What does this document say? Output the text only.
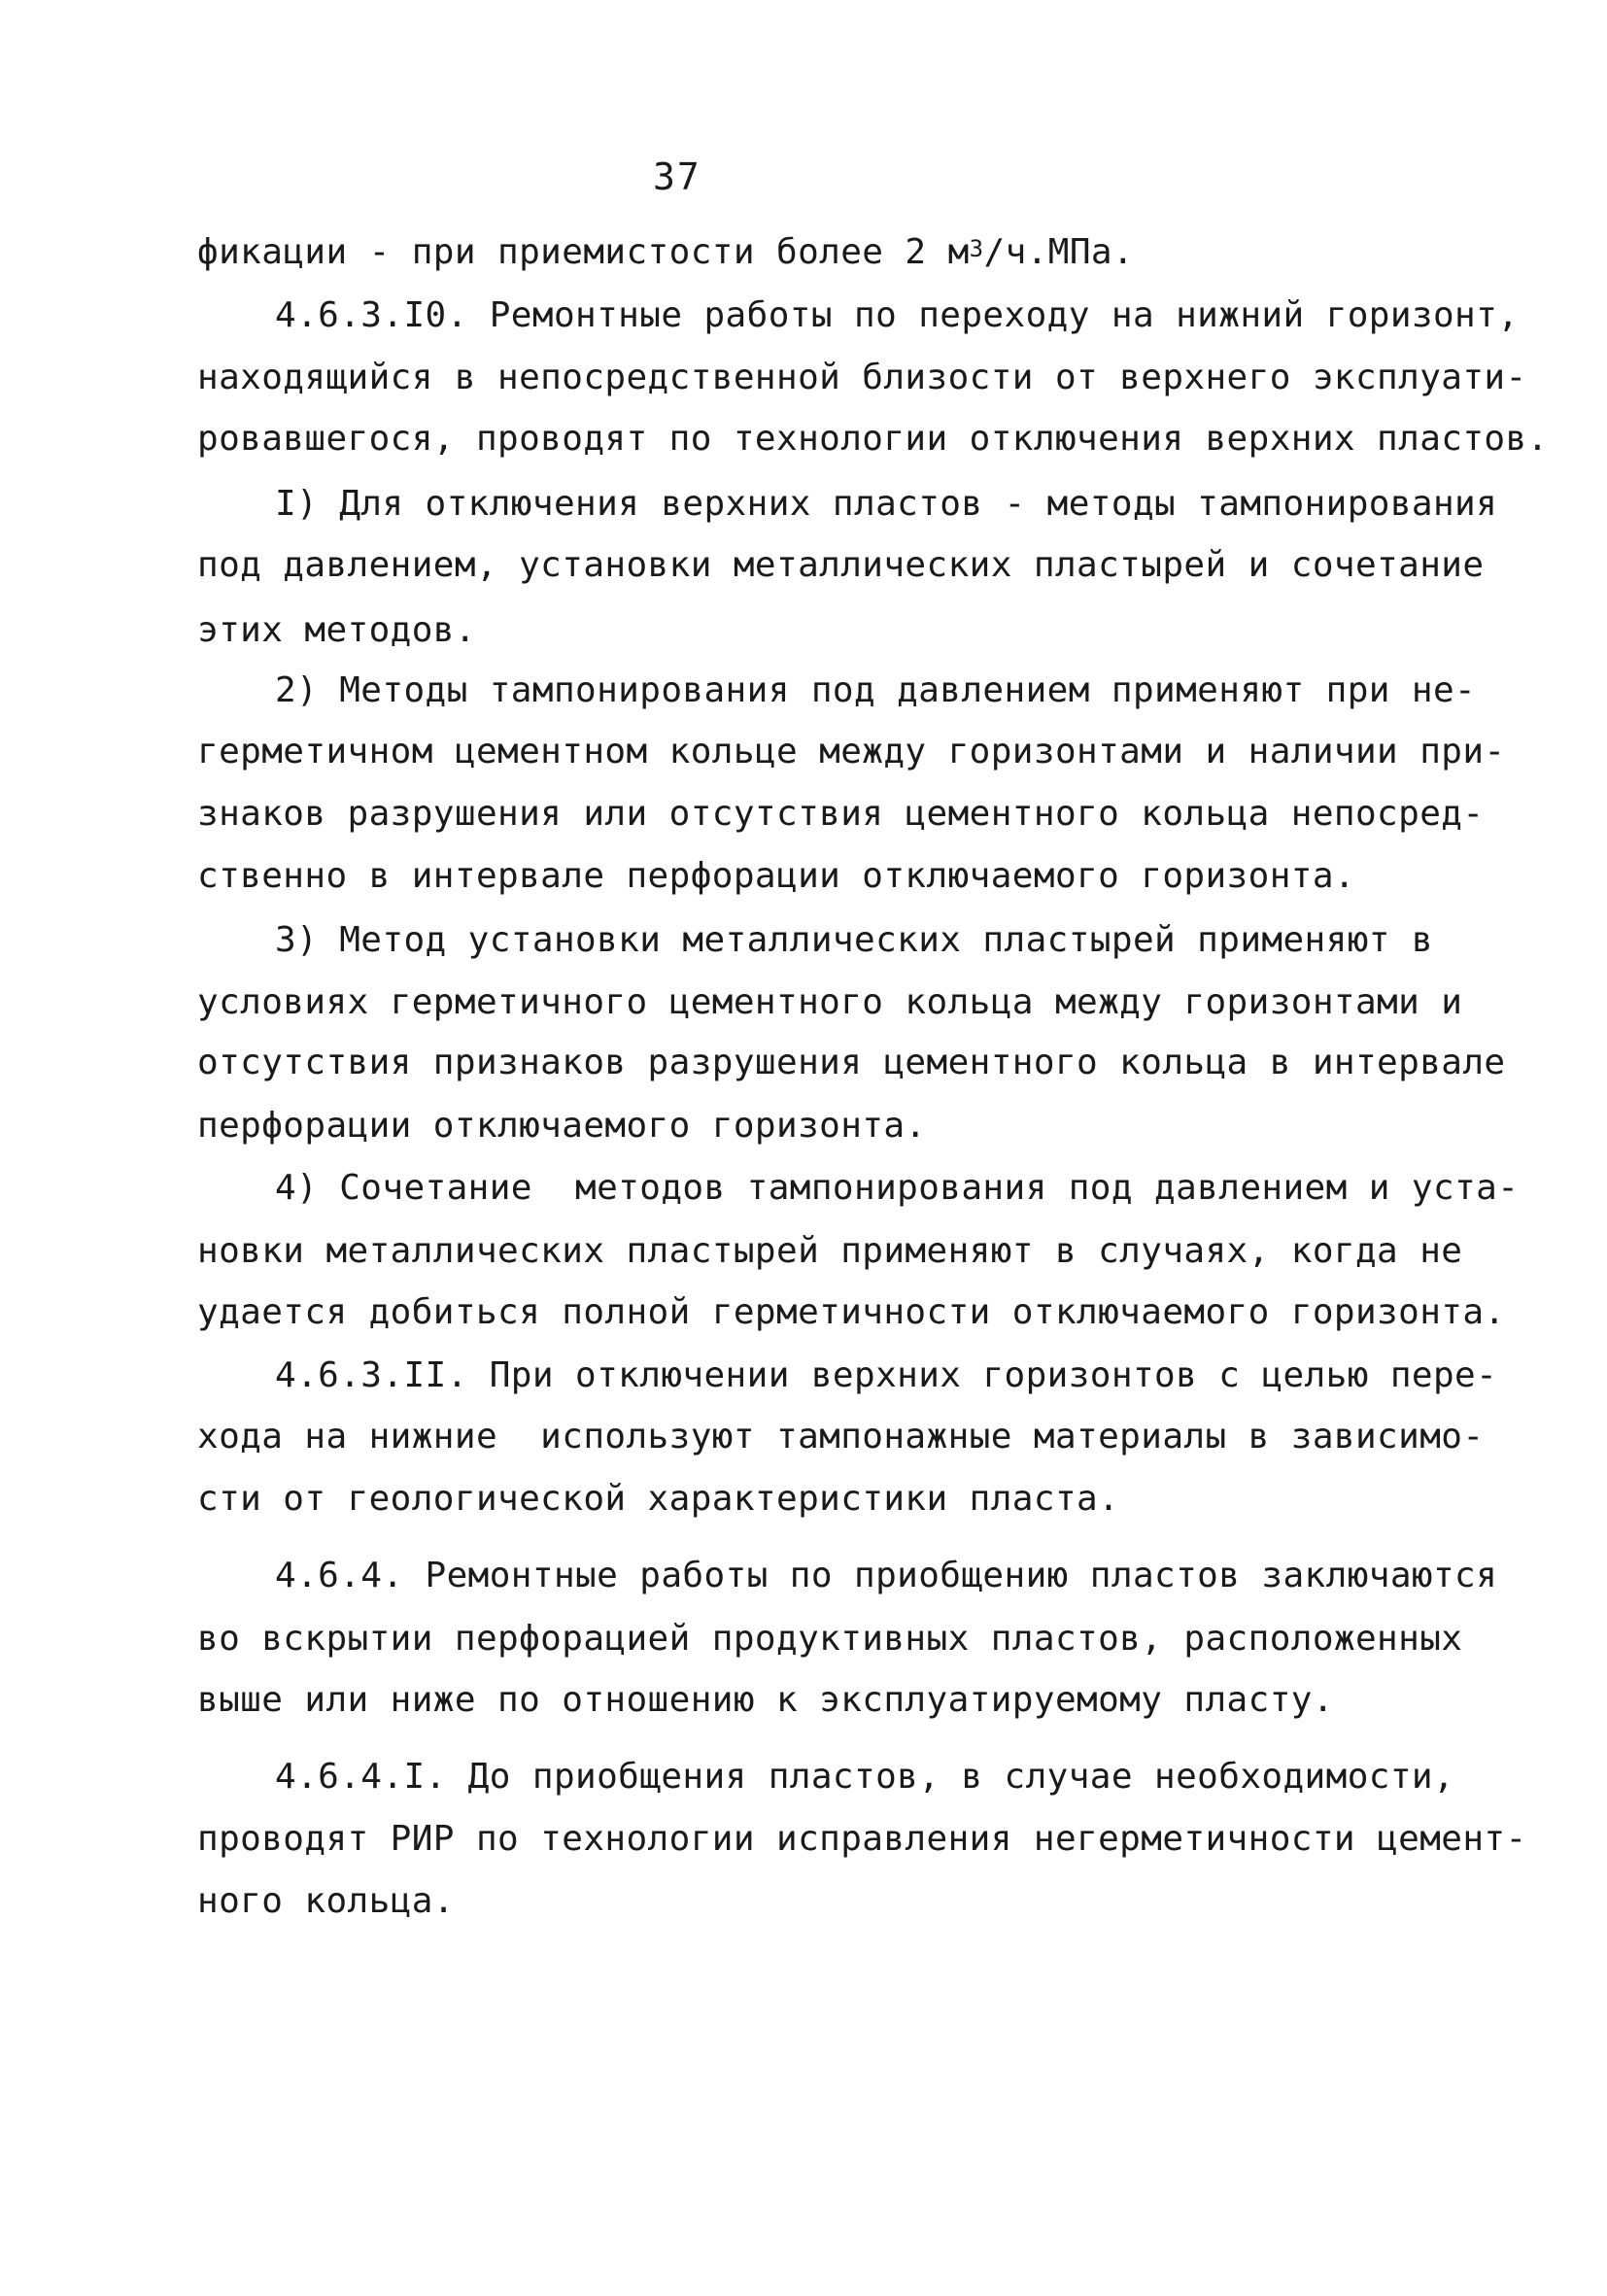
37
фикации - при приемистости более 2 $м^3/ч.МПа$.
4.6.3.I0. Ремонтные работы по переходу на нижний горизонт,
находящийся в непосредственной близости от верхнего эксплуати-
ровавшегося, проводят по технологии отключения верхних пластов.
I) Для отключения верхних пластов - методы тампонирования
под давлением, установки металлических пластырей и сочетание
этих методов.
2) Методы тампонирования под давлением применяют при не-
герметичном цементном кольце между горизонтами и наличии при-
знаков разрушения или отсутствия цементного кольца непосред-
ственно в интервале перфорации отключаемого горизонта.
3) Метод установки металлических пластырей применяют в
условиях герметичного цементного кольца между горизонтами и
отсутствия признаков разрушения цементного кольца в интервале
перфорации отключаемого горизонта.
4) Сочетание  методов тампонирования под давлением и уста-
новки металлических пластырей применяют в случаях, когда не
удается добиться полной герметичности отключаемого горизонта.
4.6.3.II. При отключении верхних горизонтов с целью пере-
хода на нижние  используют тампонажные материалы в зависимо-
сти от геологической характеристики пласта.
4.6.4. Ремонтные работы по приобщению пластов заключаются
во вскрытии перфорацией продуктивных пластов, расположенных
выше или ниже по отношению к эксплуатируемому пласту.
4.6.4.I. До приобщения пластов, в случае необходимости,
проводят РИР по технологии исправления негерметичности цемент-
ного кольца.
